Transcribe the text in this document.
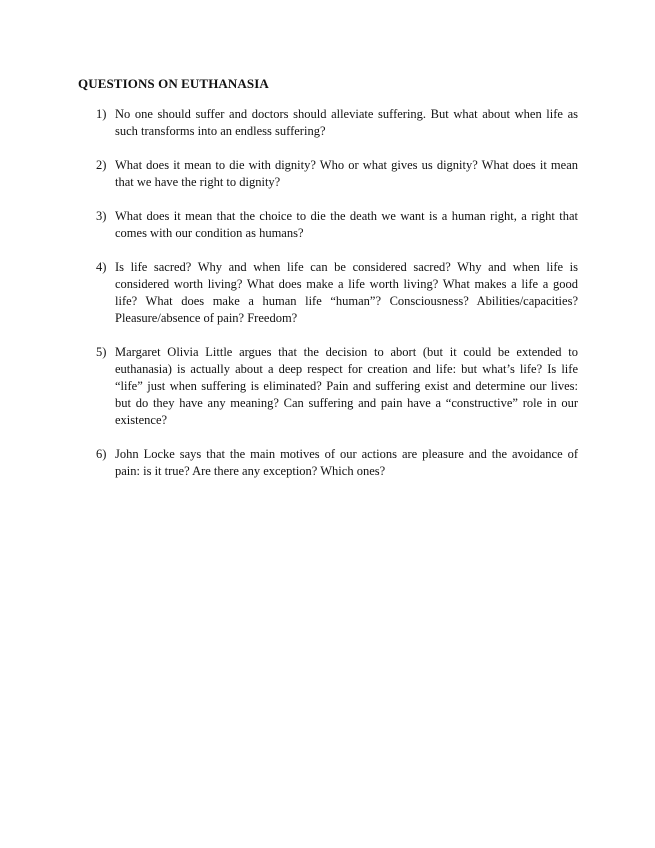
QUESTIONS ON EUTHANASIA
1) No one should suffer and doctors should alleviate suffering. But what about when life as such transforms into an endless suffering?
2) What does it mean to die with dignity? Who or what gives us dignity? What does it mean that we have the right to dignity?
3) What does it mean that the choice to die the death we want is a human right, a right that comes with our condition as humans?
4) Is life sacred? Why and when life can be considered sacred? Why and when life is considered worth living? What does make a life worth living? What makes a life a good life? What does make a human life “human”? Consciousness? Abilities/capacities? Pleasure/absence of pain? Freedom?
5) Margaret Olivia Little argues that the decision to abort (but it could be extended to euthanasia) is actually about a deep respect for creation and life: but what’s life? Is life “life” just when suffering is eliminated? Pain and suffering exist and determine our lives: but do they have any meaning? Can suffering and pain have a “constructive” role in our existence?
6) John Locke says that the main motives of our actions are pleasure and the avoidance of pain: is it true? Are there any exception? Which ones?
